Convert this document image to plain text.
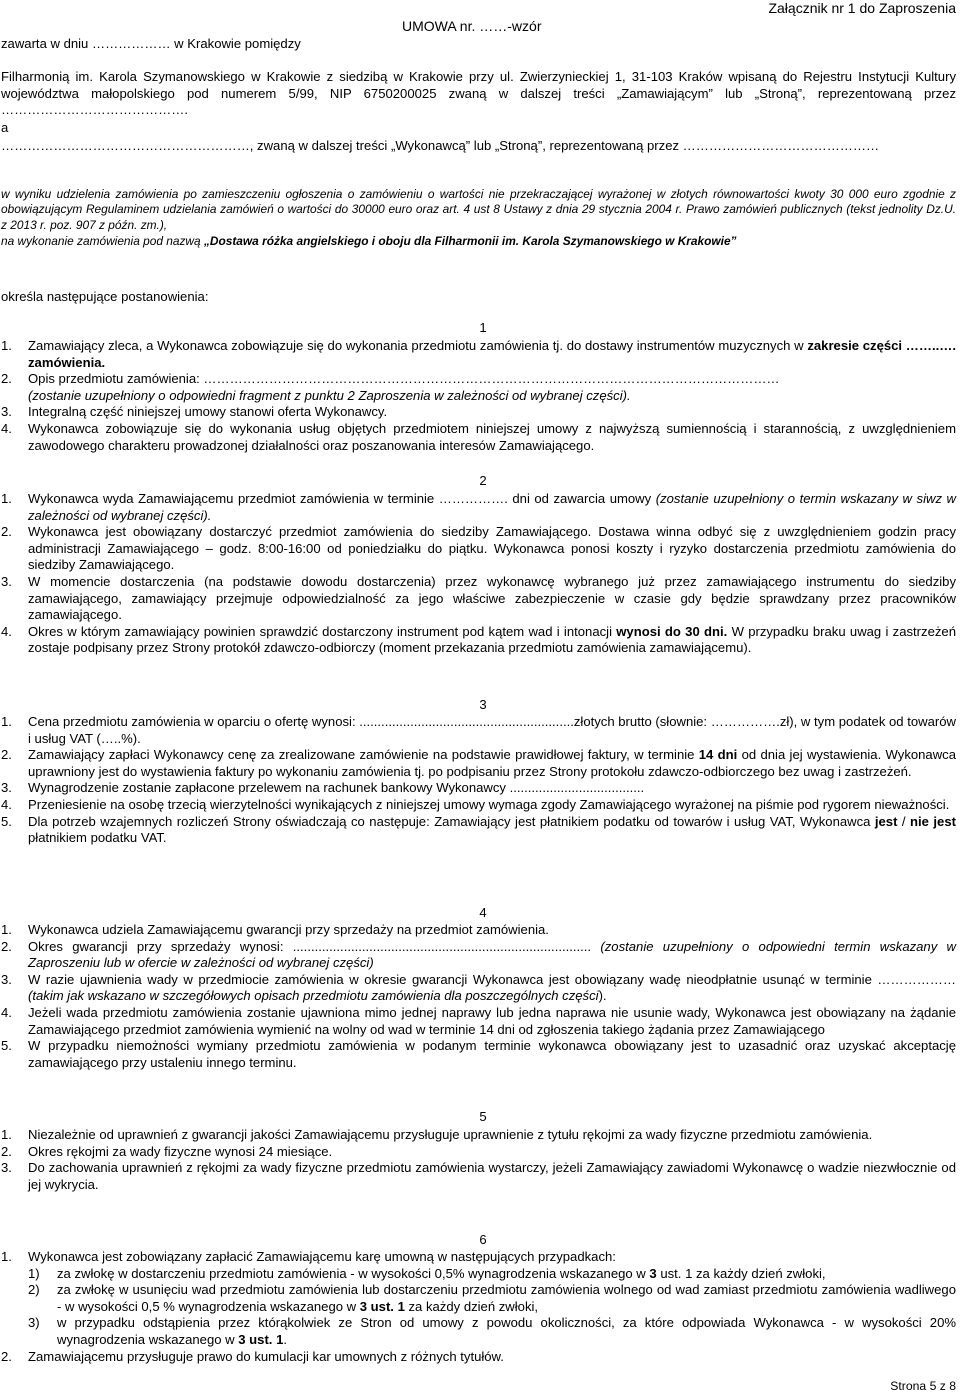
Załącznik nr 1 do Zaproszenia
UMOWA nr. ……-wzór
zawarta w dniu ……………… w Krakowie pomiędzy
Filharmonią im. Karola Szymanowskiego w Krakowie z siedzibą w Krakowie przy ul. Zwierzynieckiej 1, 31-103 Kraków wpisaną do Rejestru Instytucji Kultury województwa małopolskiego pod numerem 5/99, NIP 6750200025 zwaną w dalszej treści „Zamawiającym” lub „Stroną”, reprezentowaną przez …………………………………….
a
…………………………………………………, zwaną w dalszej treści „Wykonawcą” lub „Stroną”, reprezentowaną przez ………………………………………
w wyniku udzielenia zamówienia po zamieszczeniu ogłoszenia o zamówieniu o wartości nie przekraczającej wyrażonej w złotych równowartości kwoty 30 000 euro zgodnie z obowiązującym Regulaminem udzielania zamówień o wartości do 30000 euro oraz art. 4 ust 8 Ustawy z dnia 29 stycznia 2004 r. Prawo zamówień publicznych (tekst jednolity Dz.U. z 2013 r. poz. 907 z późn. zm.),
na wykonanie zamówienia pod nazwą „Dostawa różka angielskiego i oboju dla Filharmonii im. Karola Szymanowskiego w Krakowie”
określa następujące postanowienia:
1
1. Zamawiający zleca, a Wykonawca zobowiązuje się do wykonania przedmiotu zamówienia tj. do dostawy instrumentów muzycznych w zakresie części ……..…. zamówienia.
2. Opis przedmiotu zamówienia: ……………………………………………………………………………………………………………………
(zostanie uzupełniony o odpowiedni fragment z punktu 2 Zaproszenia w zależności od wybranej części).
3. Integralną część niniejszej umowy stanowi oferta Wykonawcy.
4. Wykonawca zobowiązuje się do wykonania usług objętych przedmiotem niniejszej umowy z najwyższą sumiennością i starannością, z uwzględnieniem zawodowego charakteru prowadzonej działalności oraz poszanowania interesów Zamawiającego.
2
1. Wykonawca wyda Zamawiającemu przedmiot zamówienia w terminie ……………. dni od zawarcia umowy (zostanie uzupełniony o termin wskazany w siwz w zależności od wybranej części).
2. Wykonawca jest obowiązany dostarczyć przedmiot zamówienia do siedziby Zamawiającego. Dostawa winna odbyć się z uwzględnieniem godzin pracy administracji Zamawiającego – godz. 8:00-16:00 od poniedziałku do piątku. Wykonawca ponosi koszty i ryzyko dostarczenia przedmiotu zamówienia do siedziby Zamawiającego.
3. W momencie dostarczenia (na podstawie dowodu dostarczenia) przez wykonawcę wybranego już przez zamawiającego instrumentu do siedziby zamawiającego, zamawiający przejmuje odpowiedzialność za jego właściwe zabezpieczenie w czasie gdy będzie sprawdzany przez pracowników zamawiającego.
4. Okres w którym zamawiający powinien sprawdzić dostarczony instrument pod kątem wad i intonacji wynosi do 30 dni. W przypadku braku uwag i zastrzeżeń zostaje podpisany przez Strony protokół zdawczo-odbiorczy (moment przekazania przedmiotu zamówienia zamawiającemu).
3
1. Cena przedmiotu zamówienia w oparciu o ofertę wynosi: ...........................................................złotych brutto (słownie: …………….zł), w tym podatek od towarów i usług VAT (…..%).
2. Zamawiający zapłaci Wykonawcy cenę za zrealizowane zamówienie na podstawie prawidłowej faktury, w terminie 14 dni od dnia jej wystawienia. Wykonawca uprawniony jest do wystawienia faktury po wykonaniu zamówienia tj. po podpisaniu przez Strony protokołu zdawczo-odbiorczego bez uwag i zastrzeżeń.
3. Wynagrodzenie zostanie zapłacone przelewem na rachunek bankowy Wykonawcy .....................................
4. Przeniesienie na osobę trzecią wierzytelności wynikających z niniejszej umowy wymaga zgody Zamawiającego wyrażonej na piśmie pod rygorem nieważności.
5. Dla potrzeb wzajemnych rozliczeń Strony oświadczają co następuje: Zamawiający jest płatnikiem podatku od towarów i usług VAT, Wykonawca jest / nie jest płatnikiem podatku VAT.
4
1. Wykonawca udziela Zamawiającemu gwarancji przy sprzedaży na przedmiot zamówienia.
2. Okres gwarancji przy sprzedaży wynosi: .................................................................................. (zostanie uzupełniony o odpowiedni termin wskazany w Zaproszeniu lub w ofercie w zależności od wybranej części)
3. W razie ujawnienia wady w przedmiocie zamówienia w okresie gwarancji Wykonawca jest obowiązany wadę nieodpłatnie usunąć w terminie ……………… (takim jak wskazano w szczegółowych opisach przedmiotu zamówienia dla poszczególnych części).
4. Jeżeli wada przedmiotu zamówienia zostanie ujawniona mimo jednej naprawy lub jedna naprawa nie usunie wady, Wykonawca jest obowiązany na żądanie Zamawiającego przedmiot zamówienia wymienić na wolny od wad w terminie 14 dni od zgłoszenia takiego żądania przez Zamawiającego
5. W przypadku niemożności wymiany przedmiotu zamówienia w podanym terminie wykonawca obowiązany jest to uzasadnić oraz uzyskać akceptację zamawiającego przy ustaleniu innego terminu.
5
1. Niezależnie od uprawnień z gwarancji jakości Zamawiającemu przysługuje uprawnienie z tytułu rękojmi za wady fizyczne przedmiotu zamówienia.
2. Okres rękojmi za wady fizyczne wynosi 24 miesiące.
3. Do zachowania uprawnień z rękojmi za wady fizyczne przedmiotu zamówienia wystarczy, jeżeli Zamawiający zawiadomi Wykonawcę o wadzie niezwłocznie od jej wykrycia.
6
1. Wykonawca jest zobowiązany zapłacić Zamawiającemu karę umowną w następujących przypadkach:
1) za zwłokę w dostarczeniu przedmiotu zamówienia - w wysokości 0,5% wynagrodzenia wskazanego w 3 ust. 1 za każdy dzień zwłoki,
2) za zwłokę w usunięciu wad przedmiotu zamówienia lub dostarczeniu przedmiotu zamówienia wolnego od wad zamiast przedmiotu zamówienia wadliwego - w wysokości 0,5 % wynagrodzenia wskazanego w 3 ust. 1 za każdy dzień zwłoki,
3) w przypadku odstąpienia przez którąkolwiek ze Stron od umowy z powodu okoliczności, za które odpowiada Wykonawca - w wysokości 20% wynagrodzenia wskazanego w 3 ust. 1.
2. Zamawiającemu przysługuje prawo do kumulacji kar umownych z różnych tytułów.
Strona 5 z 8
